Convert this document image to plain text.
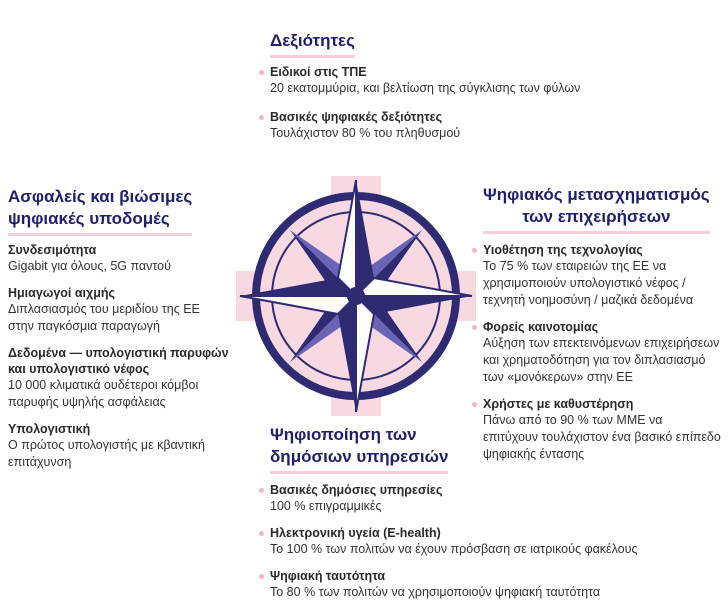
Δεξιότητες
Ειδικοί στις ΤΠΕ
20 εκατομμύρια, και βελτίωση της σύγκλισης των φύλων
Βασικές ψηφιακές δεξιότητες
Τουλάχιστον 80 % του πληθυσμού
Ασφαλείς και βιώσιμες
ψηφιακές υποδομές
Συνδεσιμότητα
Gigabit για όλους, 5G παντού
Ημιαγωγοί αιχμής
Διπλασιασμός του μεριδίου της ΕΕ
στην παγκόσμια παραγωγή
Δεδομένα — υπολογιστική παρυφών
και υπολογιστικό νέφος
10 000 κλιματικά ουδέτεροι κόμβοι
παρυφής υψηλής ασφάλειας
Υπολογιστική
Ο πρώτος υπολογιστής με κβαντική
επιτάχυνση
Ψηφιακός μετασχηματισμός
των επιχειρήσεων
Υιοθέτηση της τεχνολογίας
Το 75 % των εταιρειών της ΕΕ να
χρησιμοποιούν υπολογιστικό νέφος /
τεχνητή νοημοσύνη / μαζικά δεδομένα
Φορείς καινοτομίας
Αύξηση των επεκτεινόμενων επιχειρήσεων
και χρηματοδότηση για τον διπλασιασμό
των «μονόκερων» στην ΕΕ
Χρήστες με καθυστέρηση
Πάνω από το 90 % των ΜΜΕ να
επιτύχουν τουλάχιστον ένα βασικό επίπεδο
ψηφιακής έντασης
Ψηφιοποίηση των
δημόσιων υπηρεσιών
Βασικές δημόσιες υπηρεσίες
100 % επιγραμμικές
Ηλεκτρονική υγεία (E-health)
Το 100 % των πολιτών να έχουν πρόσβαση σε ιατρικούς φακέλους
Ψηφιακή ταυτότητα
Το 80 % των πολιτών να χρησιμοποιούν ψηφιακή ταυτότητα
